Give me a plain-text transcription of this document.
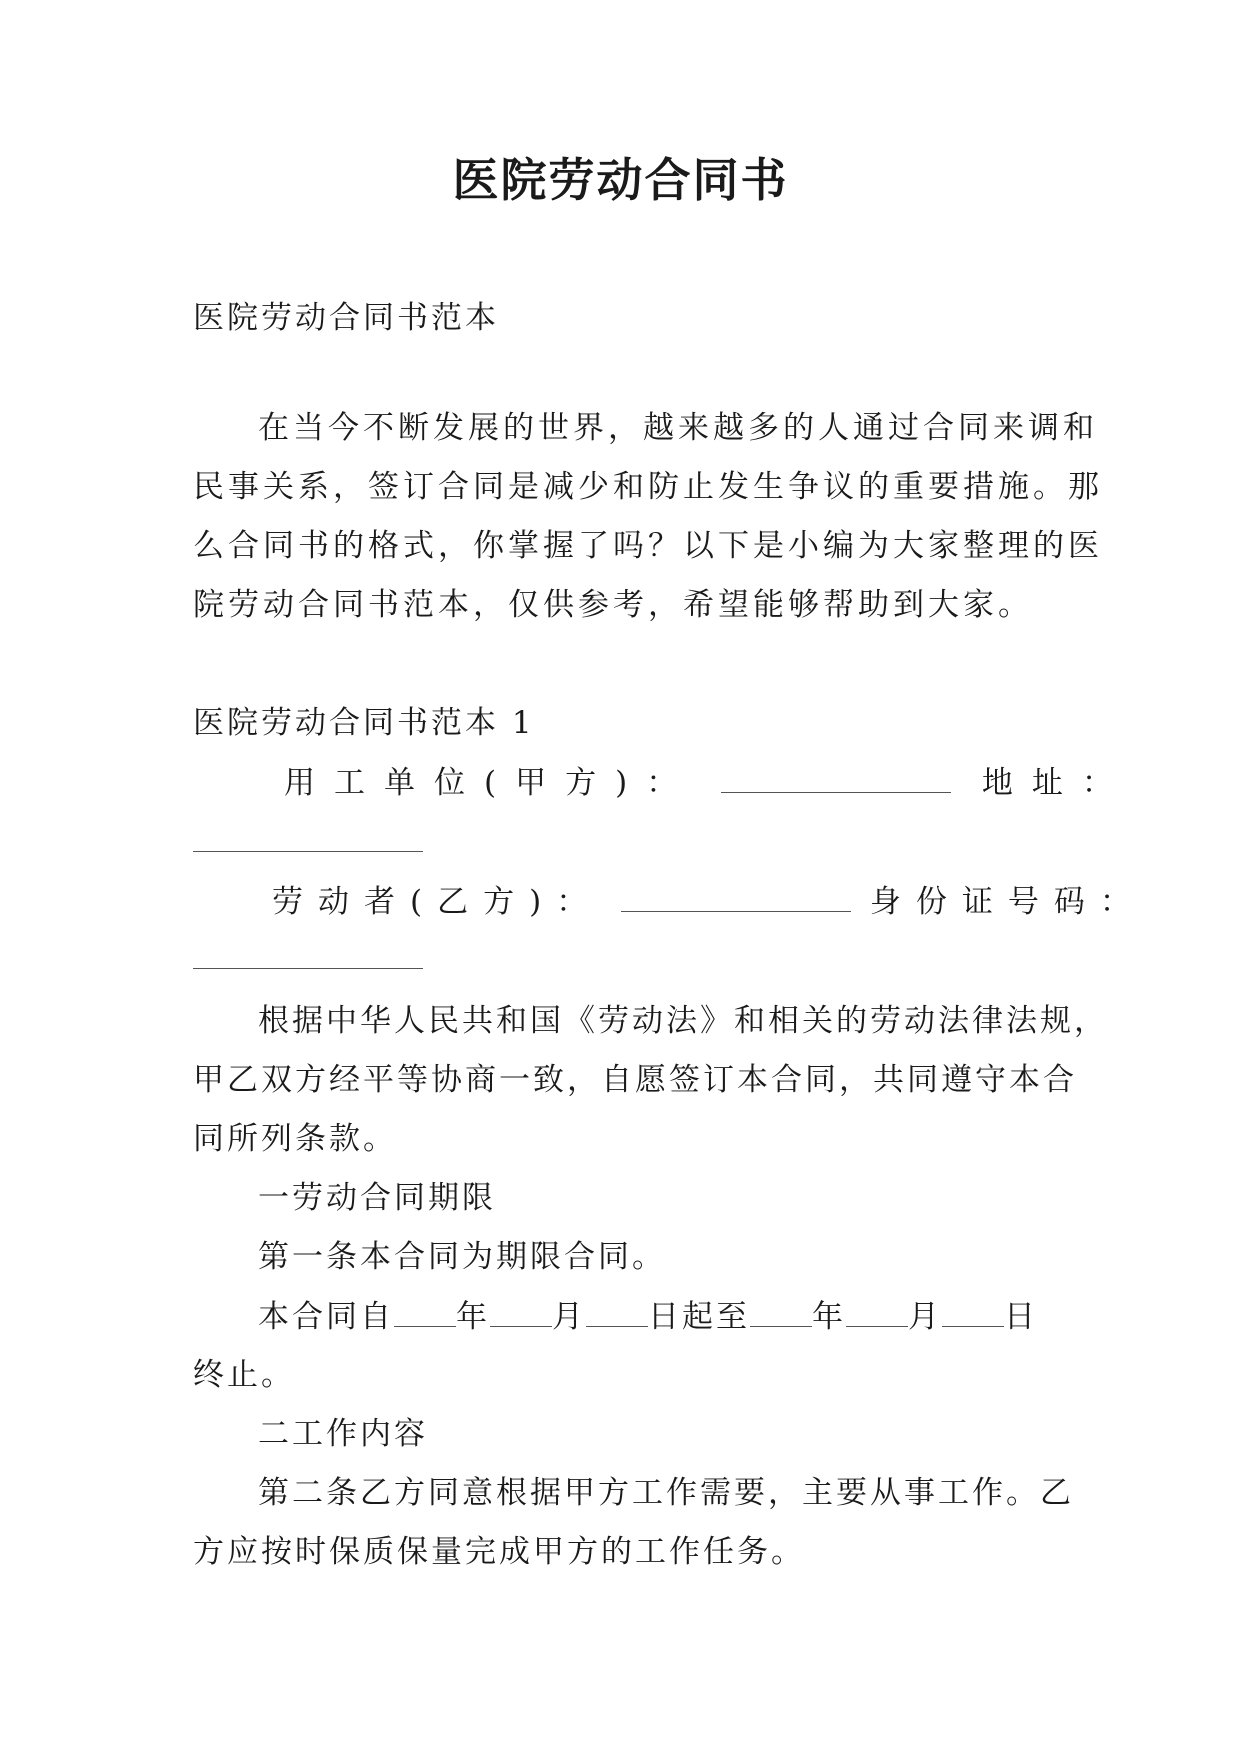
医院劳动合同书
医院劳动合同书范本
在当今不断发展的世界，越来越多的人通过合同来调和
民事关系，签订合同是减少和防止发生争议的重要措施。那
么合同书的格式，你掌握了吗？以下是小编为大家整理的医
院劳动合同书范本，仅供参考，希望能够帮助到大家。
医院劳动合同书范本 1
用工单位(甲方)：	地址：
劳动者(乙方)：	身份证号码：
根据中华人民共和国《劳动法》和相关的劳动法律法规，
甲乙双方经平等协商一致，自愿签订本合同，共同遵守本合
同所列条款。
一劳动合同期限
第一条本合同为期限合同。
本合同自 年 月 日起至 年 月 日
终止。
二工作内容
第二条乙方同意根据甲方工作需要，主要从事工作。乙
方应按时保质保量完成甲方的工作任务。
